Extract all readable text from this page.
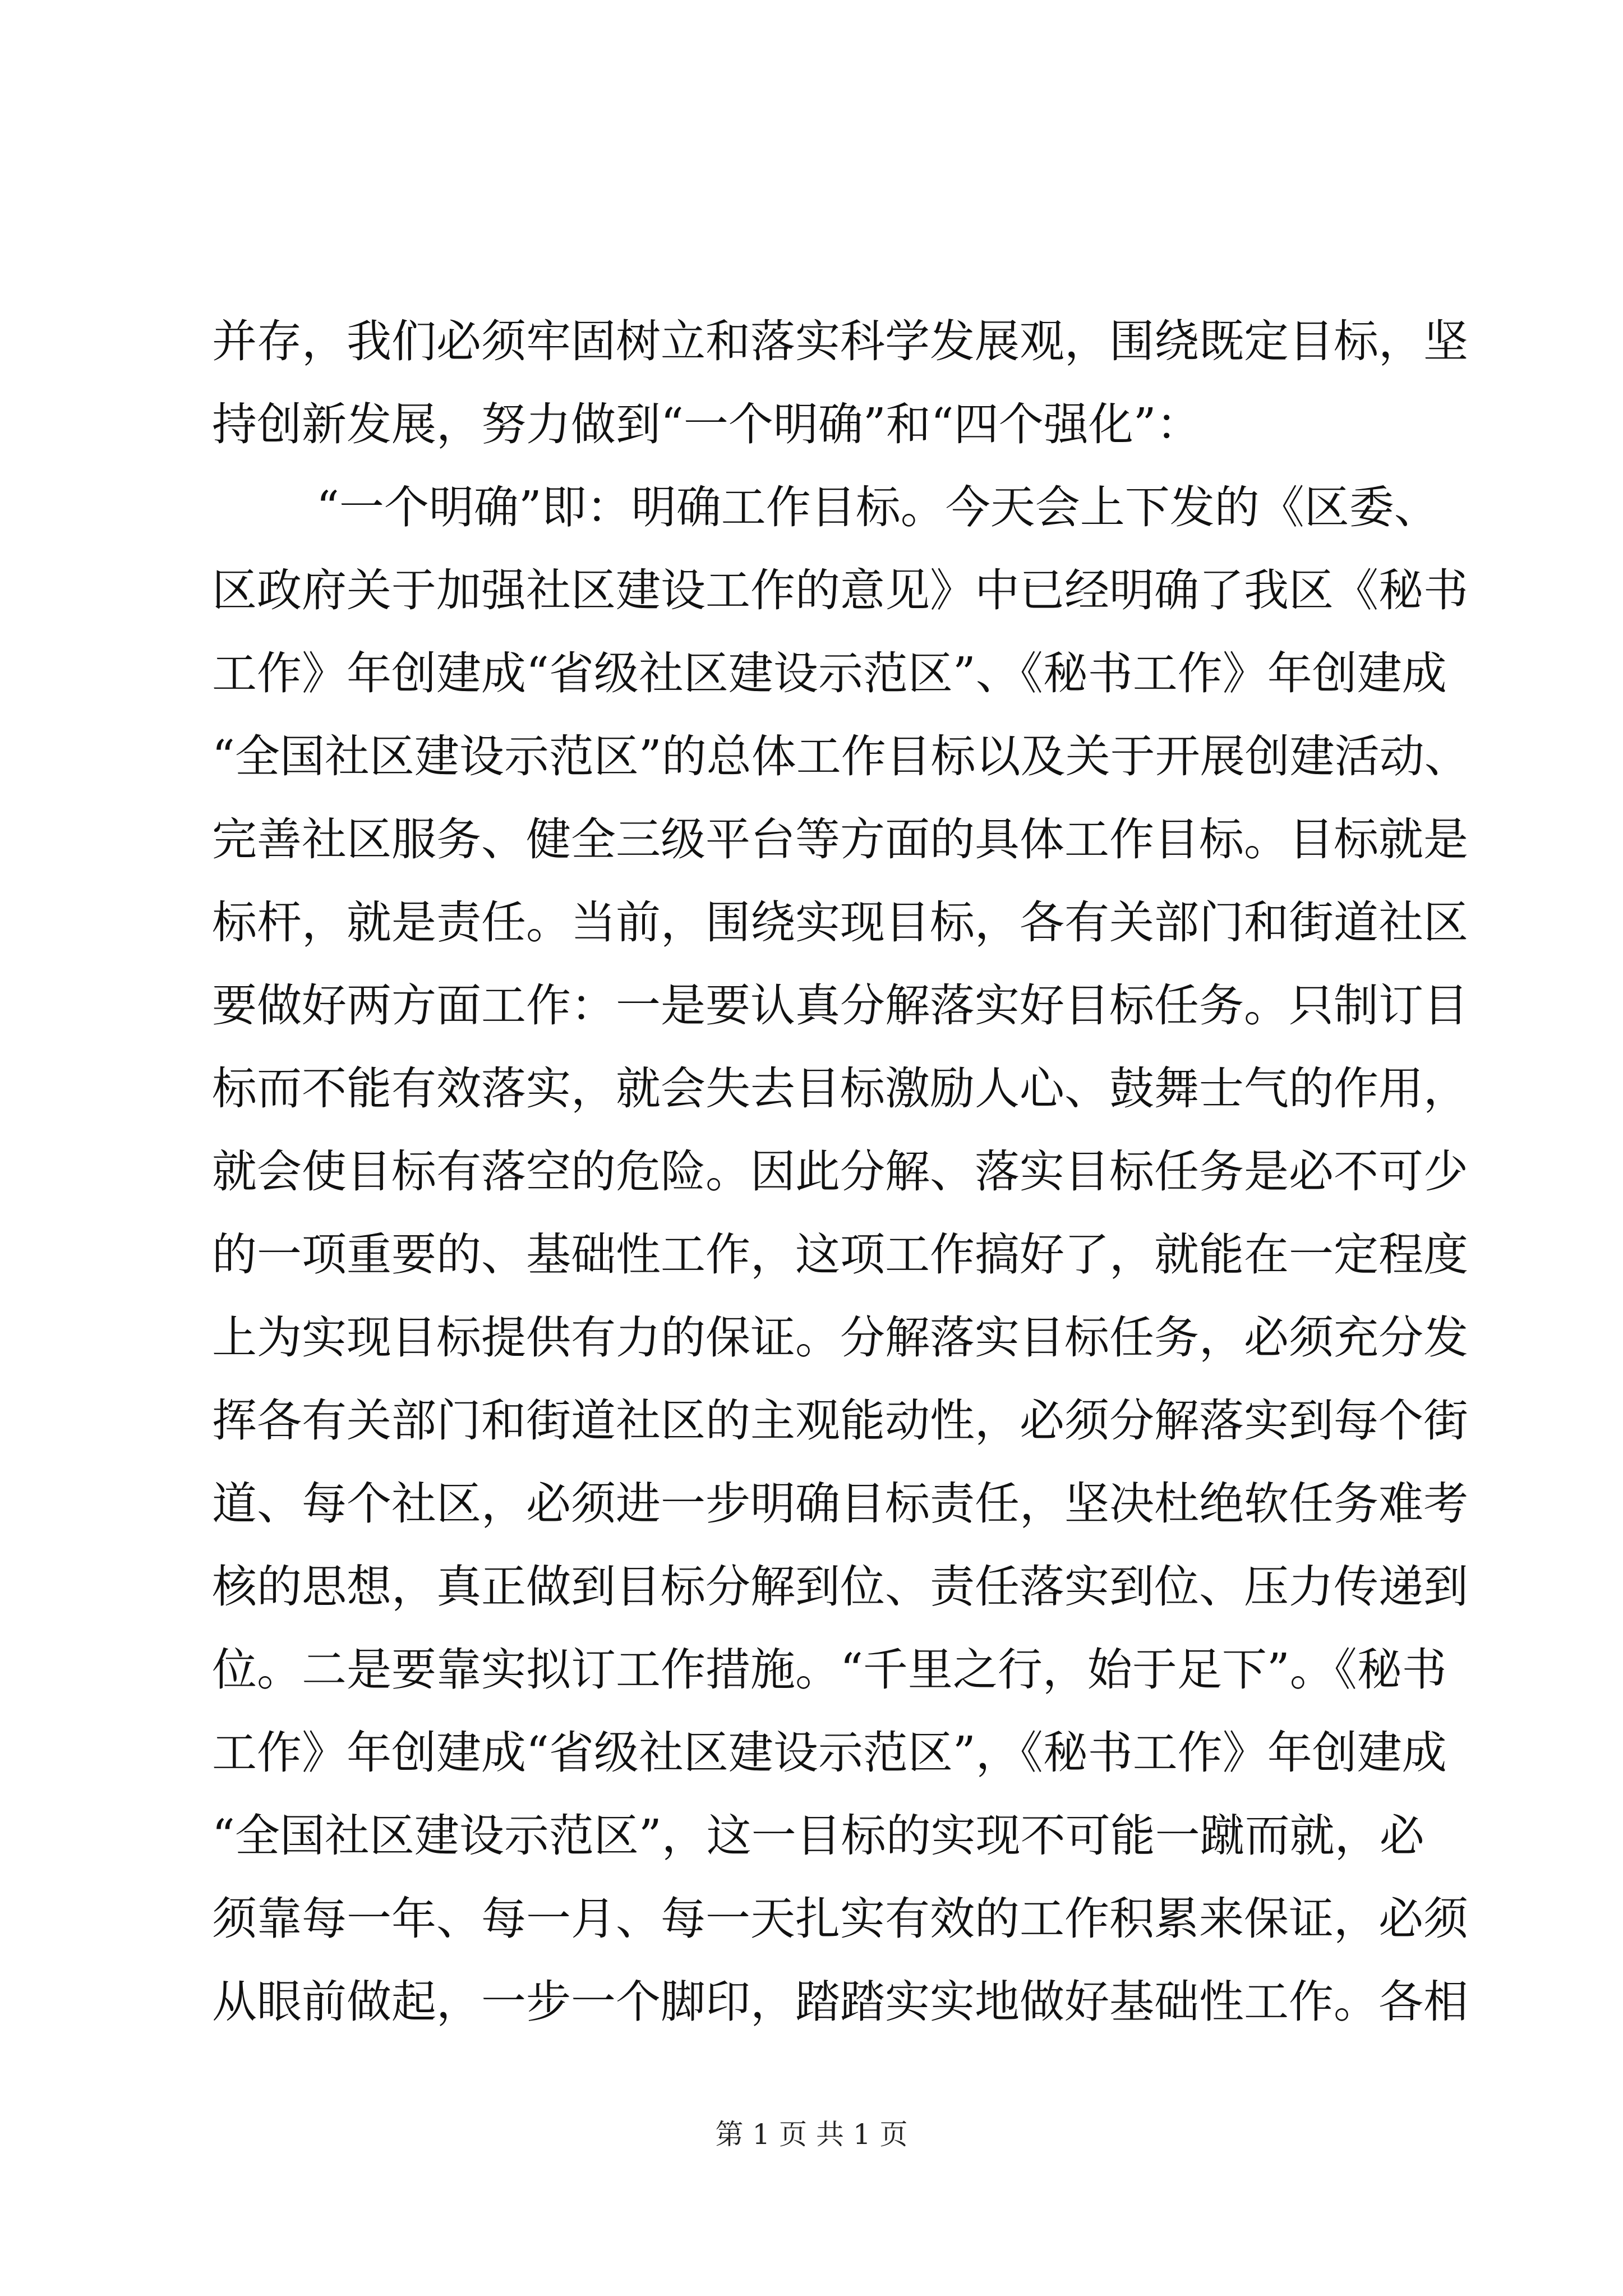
并存，我们必须牢固树立和落实科学发展观，围绕既定目标，坚
持创新发展，努力做到“一个明确”和“四个强化”：
“一个明确”即：明确工作目标。今天会上下发的《区委、
区政府关于加强社区建设工作的意见》中已经明确了我区《秘书
工作》年创建成“省级社区建设示范区”、《秘书工作》年创建成
“全国社区建设示范区”的总体工作目标以及关于开展创建活动、
完善社区服务、健全三级平台等方面的具体工作目标。目标就是
标杆，就是责任。当前，围绕实现目标，各有关部门和街道社区
要做好两方面工作：一是要认真分解落实好目标任务。只制订目
标而不能有效落实，就会失去目标激励人心、鼓舞士气的作用，
就会使目标有落空的危险。因此分解、落实目标任务是必不可少
的一项重要的、基础性工作，这项工作搞好了，就能在一定程度
上为实现目标提供有力的保证。分解落实目标任务，必须充分发
挥各有关部门和街道社区的主观能动性，必须分解落实到每个街
道、每个社区，必须进一步明确目标责任，坚决杜绝软任务难考
核的思想，真正做到目标分解到位、责任落实到位、压力传递到
位。二是要靠实拟订工作措施。“千里之行，始于足下”。《秘书
工作》年创建成“省级社区建设示范区”，《秘书工作》年创建成
“全国社区建设示范区”，这一目标的实现不可能一蹴而就，必
须靠每一年、每一月、每一天扎实有效的工作积累来保证，必须
从眼前做起，一步一个脚印，踏踏实实地做好基础性工作。各相
第 1 页 共 1 页
